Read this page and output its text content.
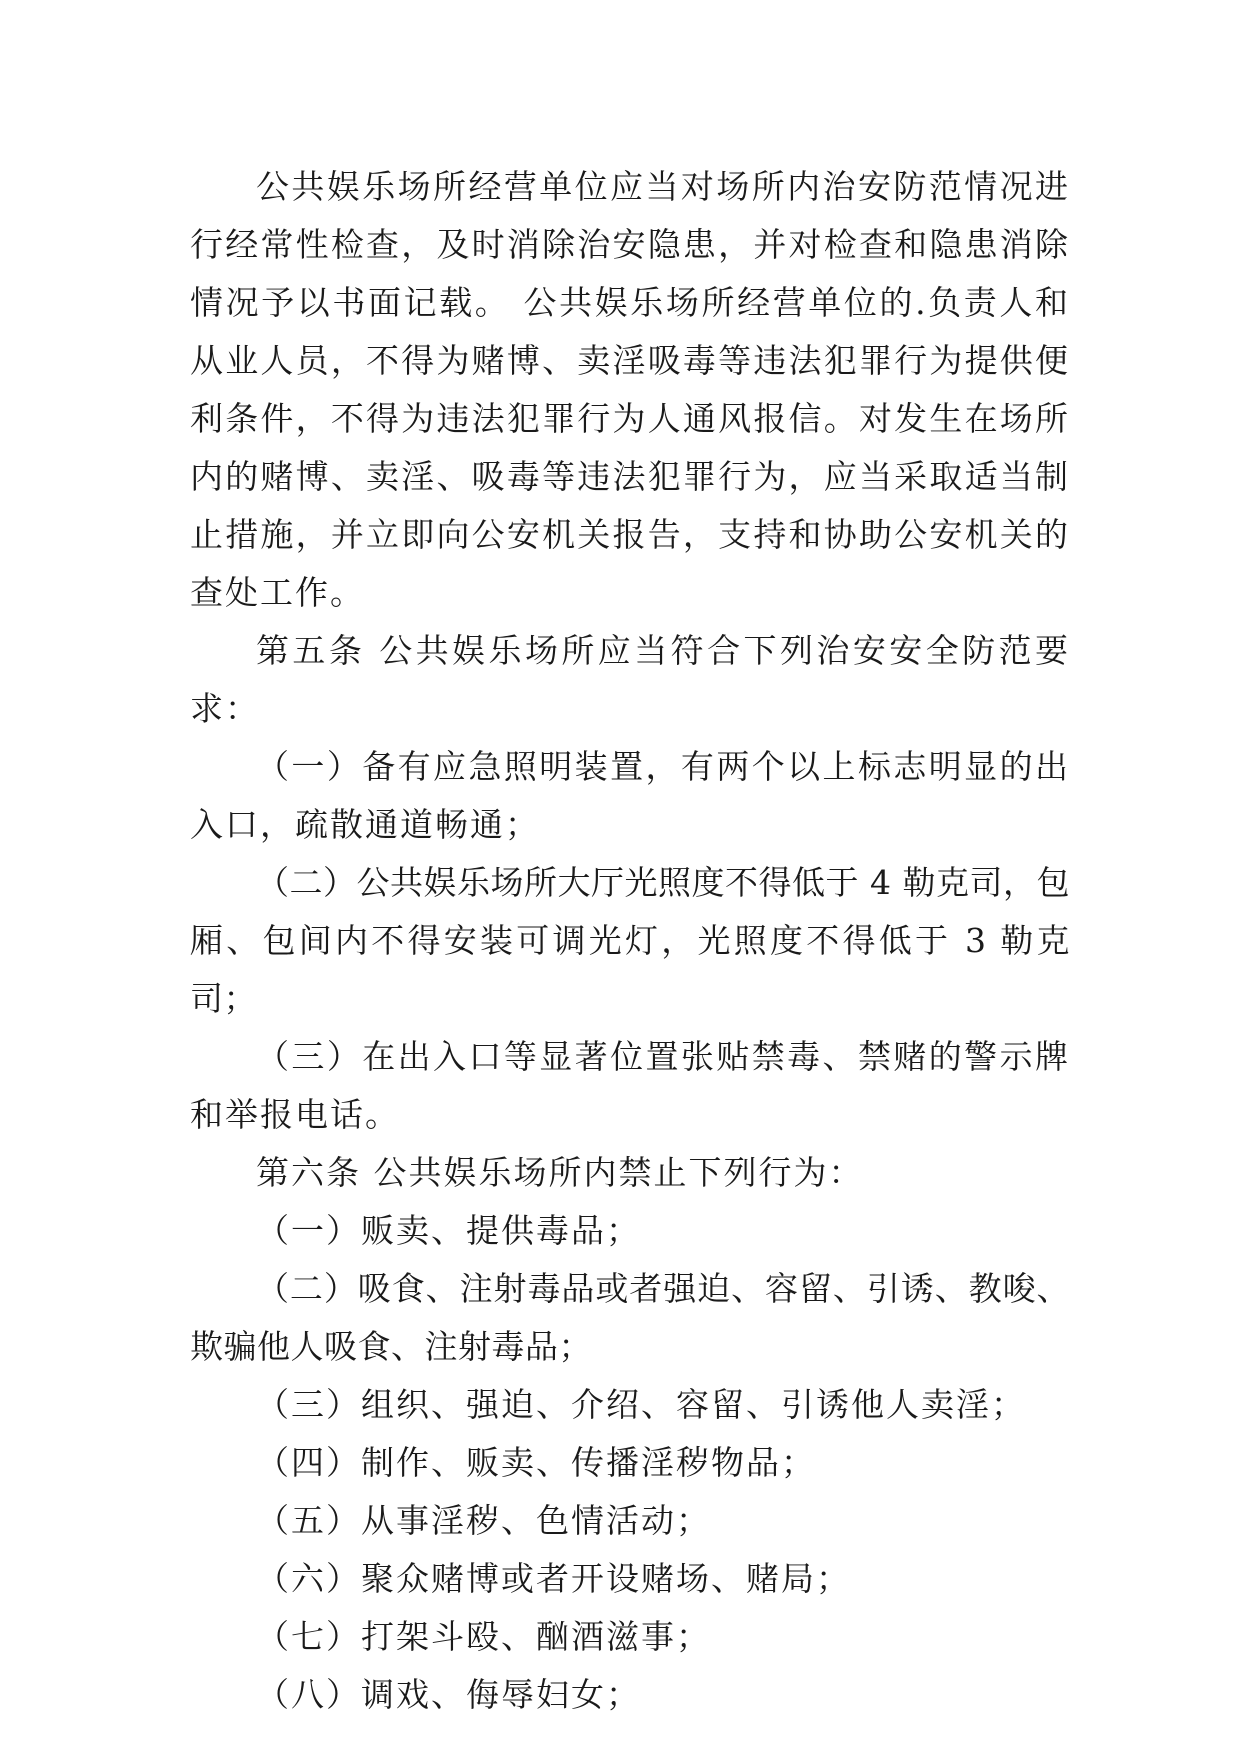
公共娱乐场所经营单位应当对场所内治安防范情况进行经常性检查，及时消除治安隐患，并对检查和隐患消除情况予以书面记载。 公共娱乐场所经营单位的.负责人和从业人员，不得为赌博、卖淫吸毒等违法犯罪行为提供便利条件，不得为违法犯罪行为人通风报信。对发生在场所内的赌博、卖淫、吸毒等违法犯罪行为，应当采取适当制止措施，并立即向公安机关报告，支持和协助公安机关的查处工作。

第五条 公共娱乐场所应当符合下列治安安全防范要求：

（一）备有应急照明装置，有两个以上标志明显的出入口，疏散通道畅通；

（二）公共娱乐场所大厅光照度不得低于 4 勒克司，包厢、包间内不得安装可调光灯，光照度不得低于 3 勒克司；

（三）在出入口等显著位置张贴禁毒、禁赌的警示牌和举报电话。

第六条 公共娱乐场所内禁止下列行为：

（一）贩卖、提供毒品；

（二）吸食、注射毒品或者强迫、容留、引诱、教唆、欺骗他人吸食、注射毒品；

（三）组织、强迫、介绍、容留、引诱他人卖淫；

（四）制作、贩卖、传播淫秽物品；

（五）从事淫秽、色情活动；

（六）聚众赌博或者开设赌场、赌局；

（七）打架斗殴、酗酒滋事；

（八）调戏、侮辱妇女；
